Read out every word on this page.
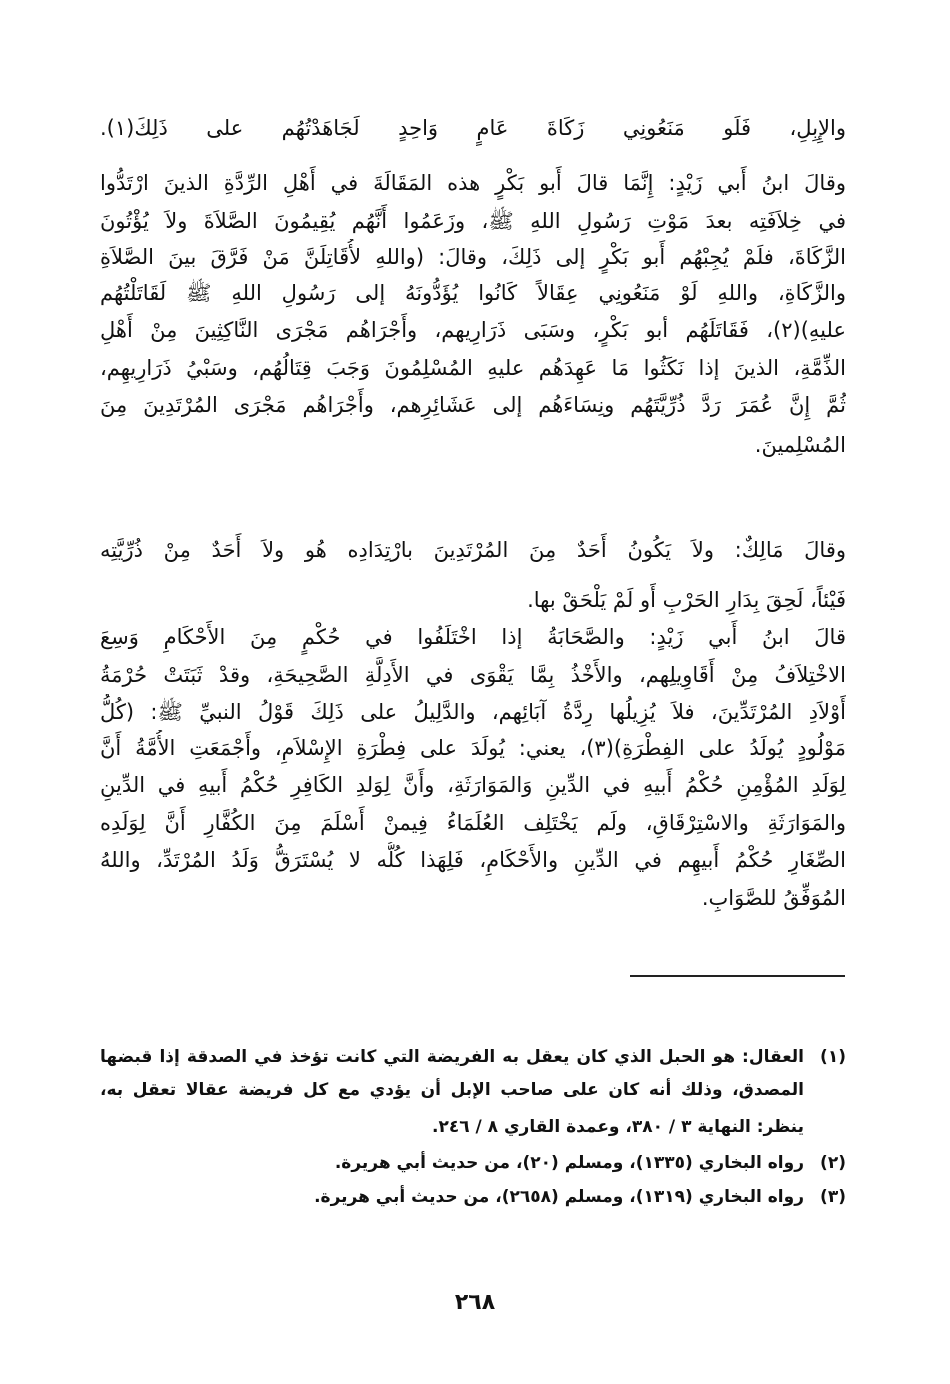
والإِبِلِ، فَلَو مَنَعُونِي زَكَاةَ عَامٍ وَاحِدٍ لَجَاهَدْتُهُم على ذَلِكَ(١).
وقالَ ابنُ أَبي زَيْدٍ: إِنَّمَا قالَ أَبو بَكْرٍ هذه المَقَالَةَ في أَهْلِ الرِّدَّةِ الذينَ ارْتَدُّوا
في خِلاَفَتِه بعدَ مَوْتِ رَسُولِ اللهِ ﷺ، وزَعَمُوا أَنَّهُم يُقِيمُونَ الصَّلاَةَ ولاَ يُؤْتُونَ
الزَّكَاةَ، فلَمْ يُجِبْهُم أَبو بَكْرٍ إلى ذَلِكَ، وقالَ: (واللهِ لأُقَاتِلَنَّ مَنْ فَرَّقَ بينَ الصَّلاَةِ
والزَّكَاةِ، واللهِ لَوْ مَنَعُونِي عِقَالاً كَانُوا يُؤَدُّونَهُ إلى رَسُولِ اللهِ ﷺ لَقَاتَلْتُهُم
عليهِ)(٢)، فَقَاتَلَهُم أبو بَكْرٍ، وسَبَى ذَرَارِيهم، وأَجْرَاهُم مَجْرَى النَّاكِثِينَ مِنْ أَهْلِ
الذِّمَّةِ، الذينَ إذا نَكَثُوا مَا عَهِدَهُم عليهِ المُسْلِمُونَ وَجَبَ قِتَالُهُم، وسَبْيُ ذَرَارِيهِم،
ثُمَّ إِنَّ عُمَرَ رَدَّ ذُرِّيَّتَهُم ونِسَاءَهُم إلى عَشَائِرِهم، وأَجْرَاهُم مَجْرَى المُرْتَدِينَ مِنَ
المُسْلِمينَ.
وقالَ مَالِكٌ: ولاَ يَكُونُ أَحَدٌ مِنَ المُرْتَدِينَ بارْتِدَادِه هُو ولاَ أَحَدٌ مِنْ ذُرِّيَّتِه
فَيْئاً، لَحِقَ بِدَارِ الحَرْبِ أَو لَمْ يَلْحَقْ بها.
قالَ ابنُ أَبي زَيْدٍ: والصَّحَابَةُ إذا اخْتَلَفُوا في حُكْمٍ مِنَ الأَحْكَامِ وَسِعَ
الاخْتِلاَفُ مِنْ أَقَاوِيلِهم، والأَخْذُ بِمَّا يَقْوَى في الأَدِلَّةِ الصَّحِيحَةِ، وقدْ ثَبَتَتْ حُرْمَةُ
أَوْلاَدِ المُرْتَدِّينَ، فلاَ يُزِيلُها رِدَّةُ آبَائِهم، والدَّلِيلُ على ذَلِكَ قَوْلُ النبيِّ ﷺ: (كُلُّ
مَوْلُودٍ يُولَدُ على الفِطْرَةِ)(٣)، يعني: يُولَدَ على فِطْرَةِ الإِسْلاَمِ، وأَجْمَعَتِ الأُمَّةُ أَنَّ
لِوَلَدِ المُؤْمِنِ حُكْمُ أَبيهِ في الدِّينِ وَالمَوَارَثَةِ، وأَنَّ لِوَلدِ الكَافِرِ حُكْمُ أَبيهِ في الدِّينِ
والمَوَارَثَةِ والاسْتِرْقَاقِ، ولَم يَخْتَلِف العُلَمَاءُ فِيمنْ أَسْلَمَ مِنَ الكُفَّارِ أَنَّ لِوَلَدِه
الصِّغَارِ حُكْمُ أَبيهِم في الدِّينِ والأَحْكَامِ، فَلِهَذا كُلُّه لا يُسْتَرَقُّ وَلَدُ المُرْتَدِّ، واللهُ
المُوَفِّقُ للصَّوَابِ.
(١)العقال: هو الحبل الذي كان يعقل به الفريضة التي كانت تؤخذ في الصدقة إذا قبضها
المصدق، وذلك أنه كان على صاحب الإبل أن يؤدي مع كل فريضة عقالا تعقل به،
ينظر: النهاية ٣ / ٣٨٠، وعمدة القاري ٨ / ٢٤٦.
(٢)رواه البخاري (١٣٣٥)، ومسلم (٢٠)، من حديث أبي هريرة.
(٣)رواه البخاري (١٣١٩)، ومسلم (٢٦٥٨)، من حديث أبي هريرة.
٢٦٨
